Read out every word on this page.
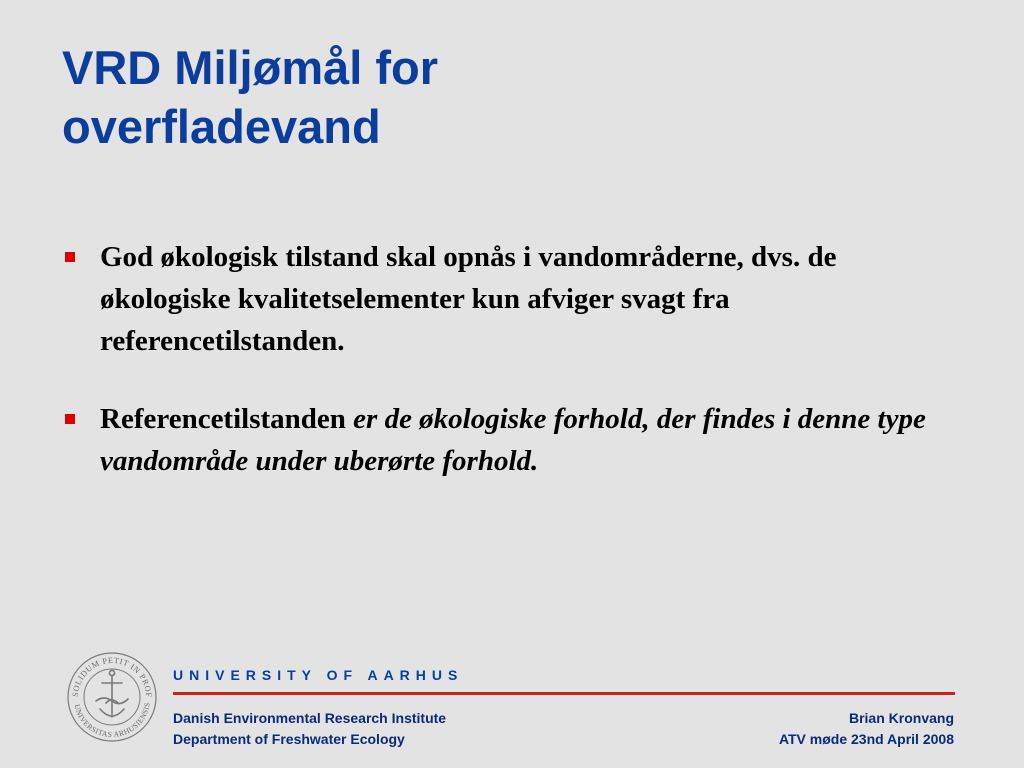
VRD Miljømål for
overfladevand
God økologisk tilstand skal opnås i vandområderne, dvs. de økologiske kvalitetselementer kun afviger svagt fra referencetilstanden.
Referencetilstanden er de økologiske forhold, der findes i denne type vandområde under uberørte forhold.
SOLIDUM PETIT IN PROF
UNIVERSITAS ARHUSIENSIS
UNIVERSITY OF AARHUS
Danish Environmental Research Institute
Department of Freshwater Ecology
Brian Kronvang
ATV møde 23nd April 2008
